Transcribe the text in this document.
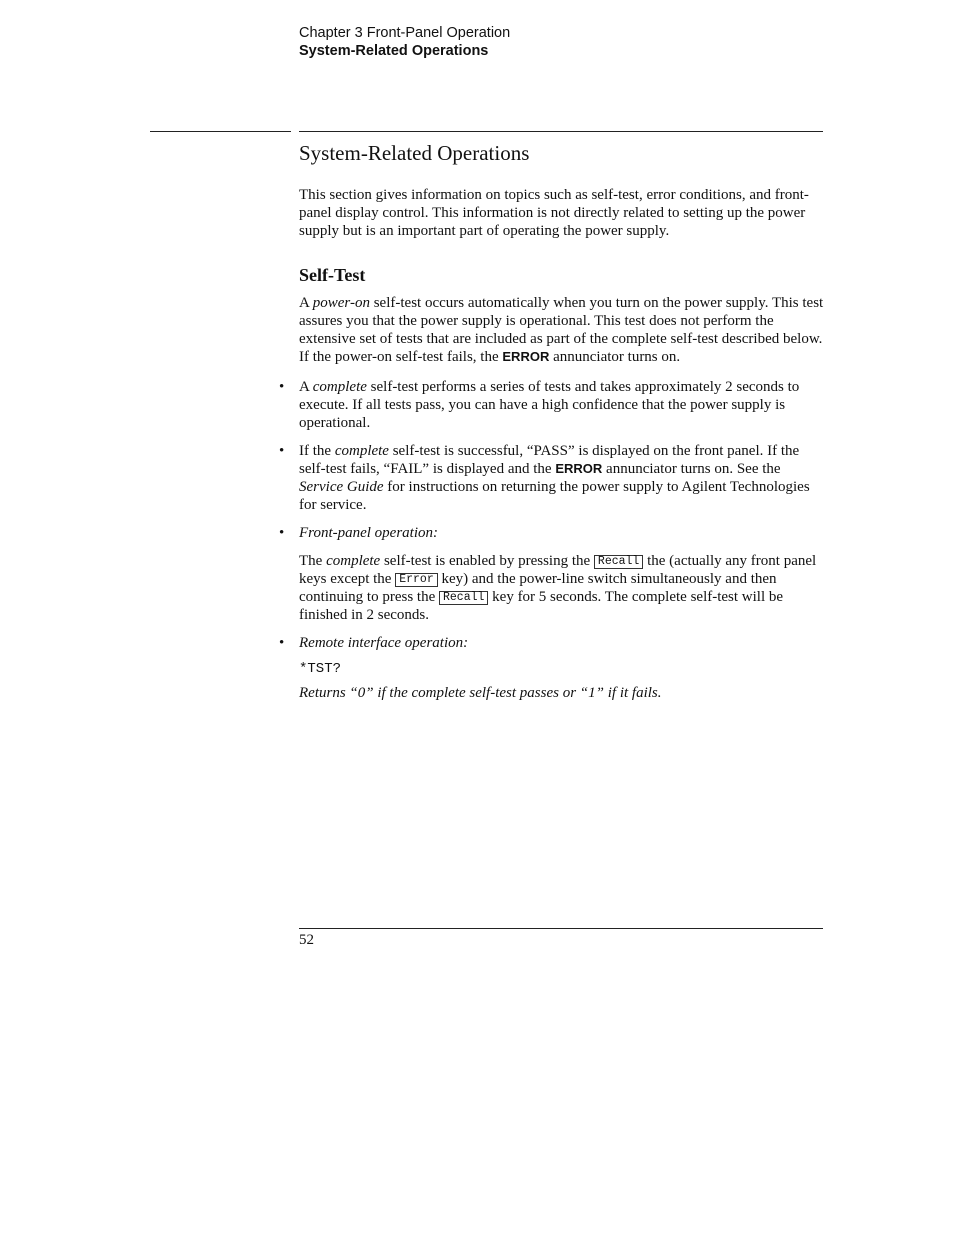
Chapter 3 Front-Panel Operation
System-Related Operations
System-Related Operations

This section gives information on topics such as self-test, error conditions, and front-panel display control. This information is not directly related to setting up the power supply but is an important part of operating the power supply.

Self-Test

A power-on self-test occurs automatically when you turn on the power supply. This test assures you that the power supply is operational. This test does not perform the extensive set of tests that are included as part of the complete self-test described below. If the power-on self-test fails, the ERROR annunciator turns on.

• A complete self-test performs a series of tests and takes approximately 2 seconds to execute. If all tests pass, you can have a high confidence that the power supply is operational.

• If the complete self-test is successful, “PASS” is displayed on the front panel. If the self-test fails, “FAIL” is displayed and the ERROR annunciator turns on. See the Service Guide for instructions on returning the power supply to Agilent Technologies for service.

• Front-panel operation:

The complete self-test is enabled by pressing the Recall the (actually any front panel keys except the Error key) and the power-line switch simultaneously and then continuing to press the Recall key for 5 seconds. The complete self-test will be finished in 2 seconds.

• Remote interface operation:

*TST?

Returns “0” if the complete self-test passes or “1” if it fails.

52
